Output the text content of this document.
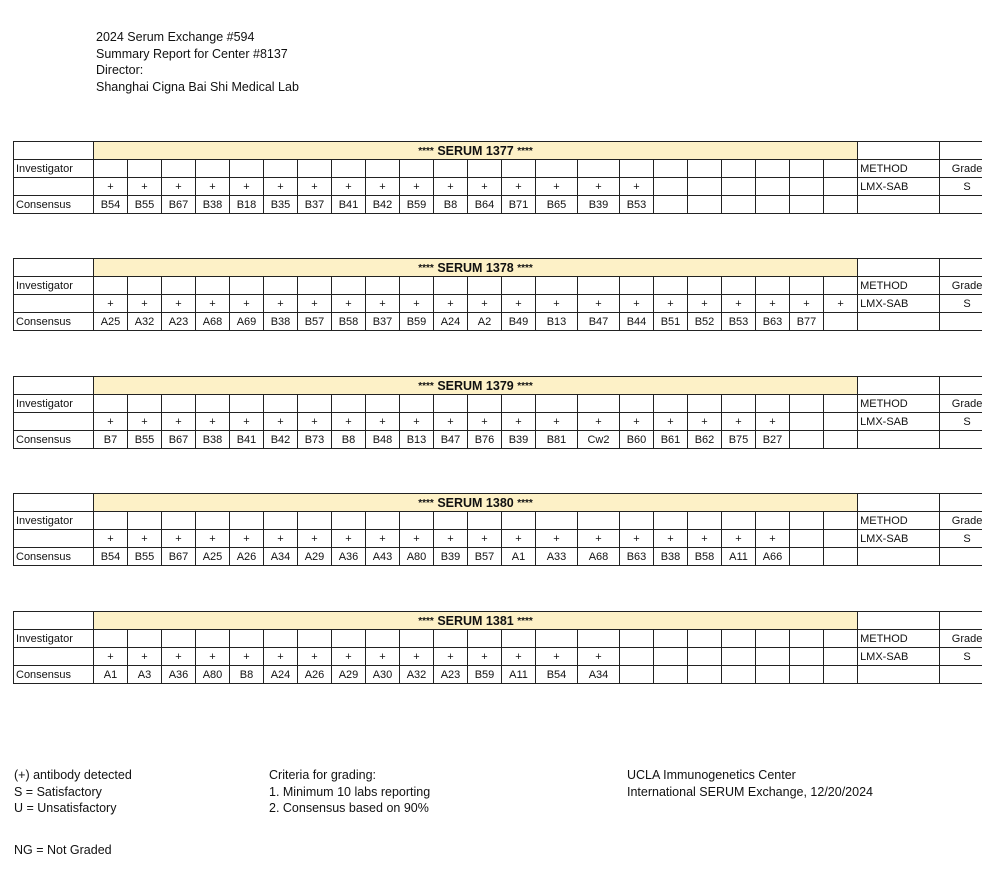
2024 Serum Exchange #594
Summary Report for Center #8137
Director:
Shanghai Cigna Bai Shi Medical Lab
	**** SERUM 1377 ****																							
Investigator																							METHOD	Grade
	+	+	+	+	+	+	+	+	+	+	+	+	+	+	+	+							LMX-SAB	S
Consensus	B54	B55	B67	B38	B18	B35	B37	B41	B42	B59	B8	B64	B71	B65	B39	B53								
	**** SERUM 1378 ****																							
Investigator																							METHOD	Grade
	+	+	+	+	+	+	+	+	+	+	+	+	+	+	+	+	+	+	+	+	+	+	LMX-SAB	S
Consensus	A25	A32	A23	A68	A69	B38	B57	B58	B37	B59	A24	A2	B49	B13	B47	B44	B51	B52	B53	B63	B77			
	**** SERUM 1379 ****																							
Investigator																							METHOD	Grade
	+	+	+	+	+	+	+	+	+	+	+	+	+	+	+	+	+	+	+	+			LMX-SAB	S
Consensus	B7	B55	B67	B38	B41	B42	B73	B8	B48	B13	B47	B76	B39	B81	Cw2	B60	B61	B62	B75	B27				
	**** SERUM 1380 ****																							
Investigator																							METHOD	Grade
	+	+	+	+	+	+	+	+	+	+	+	+	+	+	+	+	+	+	+	+			LMX-SAB	S
Consensus	B54	B55	B67	A25	A26	A34	A29	A36	A43	A80	B39	B57	A1	A33	A68	B63	B38	B58	A11	A66				
	**** SERUM 1381 ****																							
Investigator																							METHOD	Grade
	+	+	+	+	+	+	+	+	+	+	+	+	+	+	+								LMX-SAB	S
Consensus	A1	A3	A36	A80	B8	A24	A26	A29	A30	A32	A23	B59	A11	B54	A34									
(+) antibody detected
S = Satisfactory
U = Unsatisfactory
NG = Not Graded
Criteria for grading:
1. Minimum 10 labs reporting
2. Consensus based on 90%
UCLA Immunogenetics Center
International SERUM Exchange, 12/20/2024
